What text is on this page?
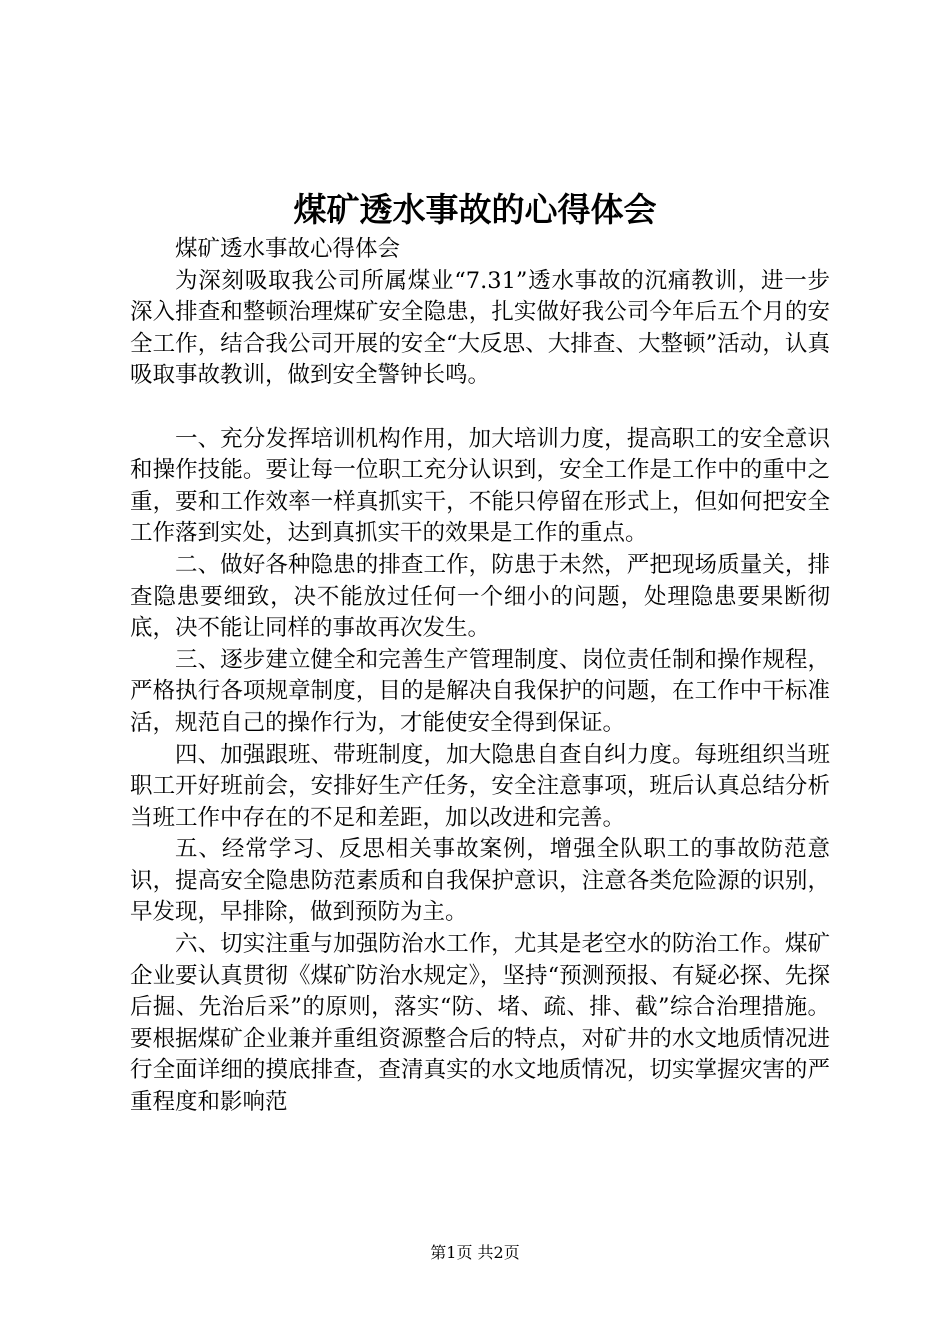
煤矿透水事故的心得体会

煤矿透水事故心得体会

为深刻吸取我公司所属煤业“7.31”透水事故的沉痛教训，进一步深入排查和整顿治理煤矿安全隐患，扎实做好我公司今年后五个月的安全工作，结合我公司开展的安全“大反思、大排查、大整顿”活动，认真吸取事故教训，做到安全警钟长鸣。

一、充分发挥培训机构作用，加大培训力度，提高职工的安全意识和操作技能。要让每一位职工充分认识到，安全工作是工作中的重中之重，要和工作效率一样真抓实干，不能只停留在形式上，但如何把安全工作落到实处，达到真抓实干的效果是工作的重点。

二、做好各种隐患的排查工作，防患于未然，严把现场质量关，排查隐患要细致，决不能放过任何一个细小的问题，处理隐患要果断彻底，决不能让同样的事故再次发生。

三、逐步建立健全和完善生产管理制度、岗位责任制和操作规程，严格执行各项规章制度，目的是解决自我保护的问题，在工作中干标准活，规范自己的操作行为，才能使安全得到保证。

四、加强跟班、带班制度，加大隐患自查自纠力度。每班组织当班职工开好班前会，安排好生产任务，安全注意事项，班后认真总结分析当班工作中存在的不足和差距，加以改进和完善。

五、经常学习、反思相关事故案例，增强全队职工的事故防范意识，提高安全隐患防范素质和自我保护意识，注意各类危险源的识别，早发现，早排除，做到预防为主。

六、切实注重与加强防治水工作，尤其是老空水的防治工作。煤矿企业要认真贯彻《煤矿防治水规定》，坚持“预测预报、有疑必探、先探后掘、先治后采”的原则，落实“防、堵、疏、排、截”综合治理措施。要根据煤矿企业兼并重组资源整合后的特点，对矿井的水文地质情况进行全面详细的摸底排查，查清真实的水文地质情况，切实掌握灾害的严重程度和影响范

第1页 共2页
